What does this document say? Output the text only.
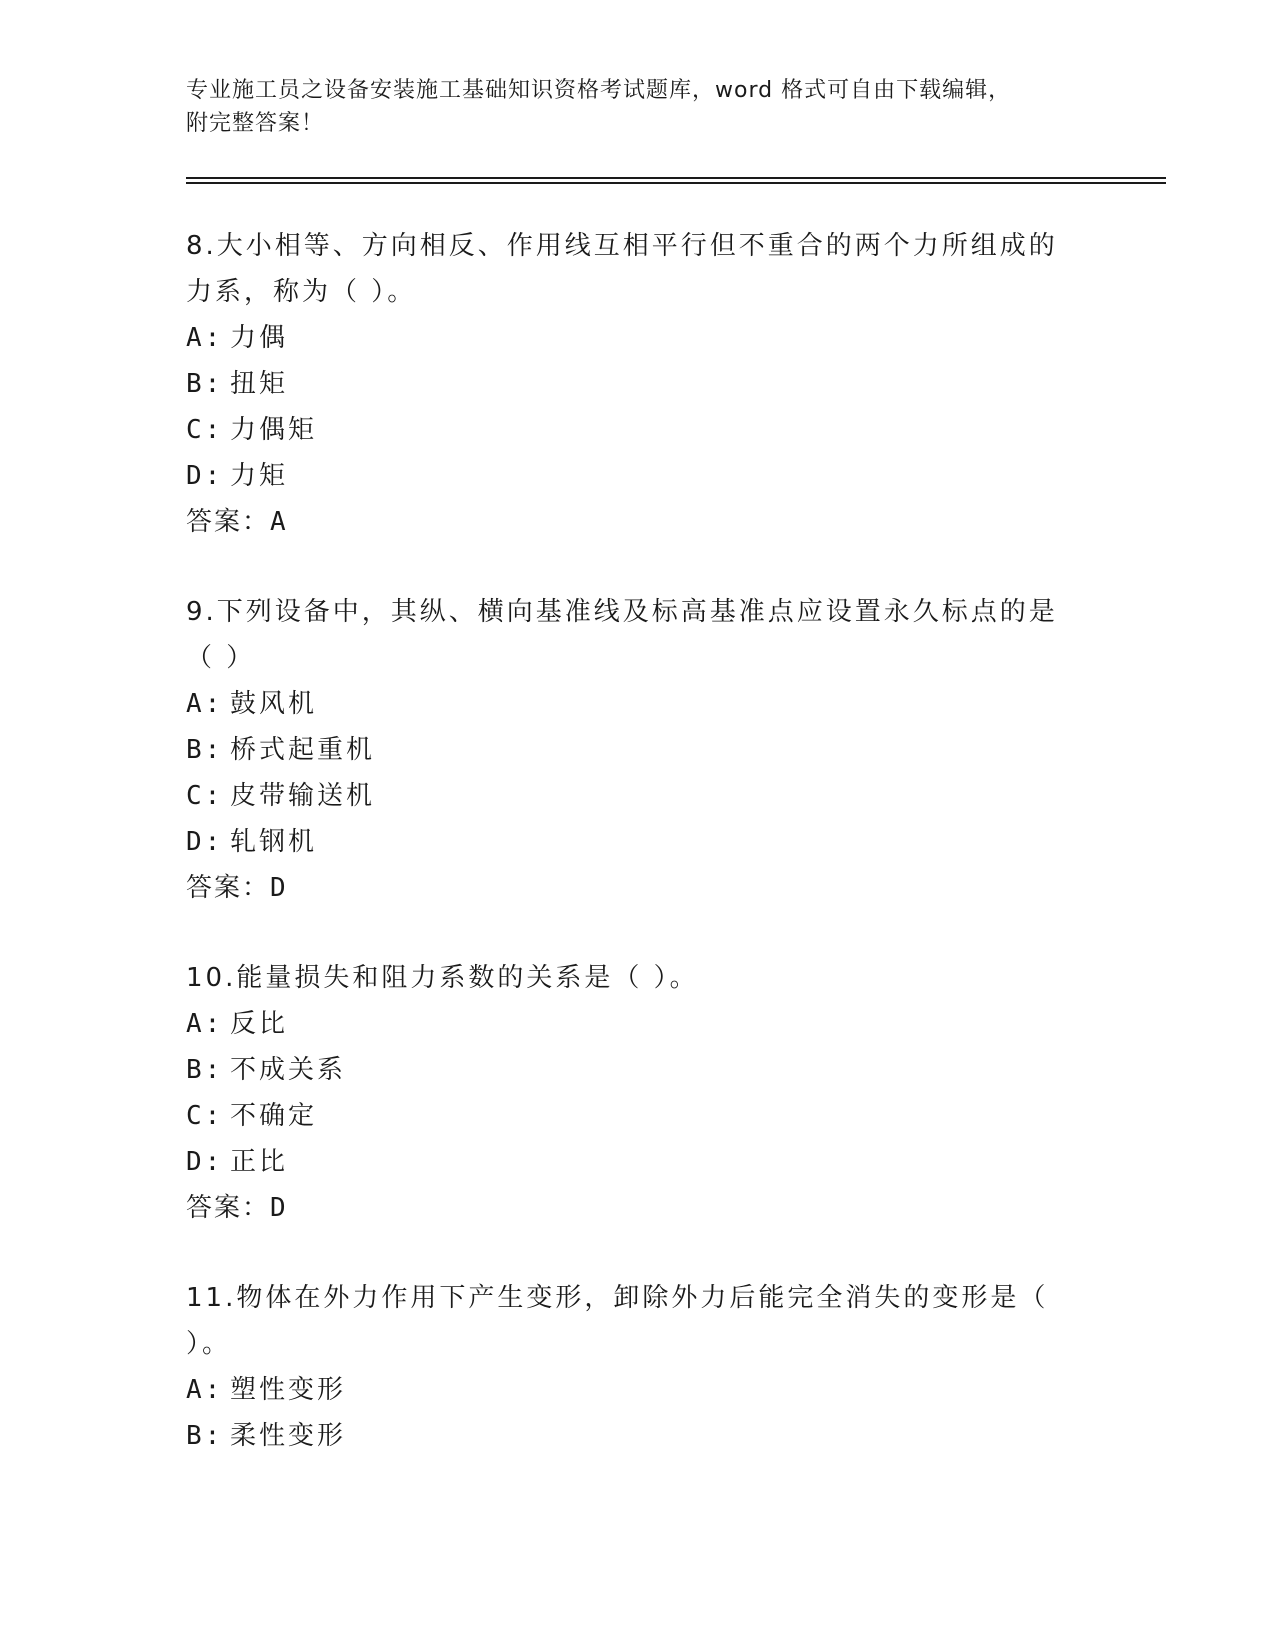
专业施工员之设备安装施工基础知识资格考试题库，word 格式可自由下载编辑，
附完整答案！

8.大小相等、方向相反、作用线互相平行但不重合的两个力所组成的力系，称为（ ）。

A: 力偶

B: 扭矩

C: 力偶矩

D: 力矩

答案：A

9.下列设备中，其纵、横向基准线及标高基准点应设置永久标点的是（ ）

A: 鼓风机

B: 桥式起重机

C: 皮带输送机

D: 轧钢机

答案：D

10.能量损失和阻力系数的关系是（ ）。

A: 反比

B: 不成关系

C: 不确定

D: 正比

答案：D

11.物体在外力作用下产生变形，卸除外力后能完全消失的变形是（ ）。

A: 塑性变形

B: 柔性变形
